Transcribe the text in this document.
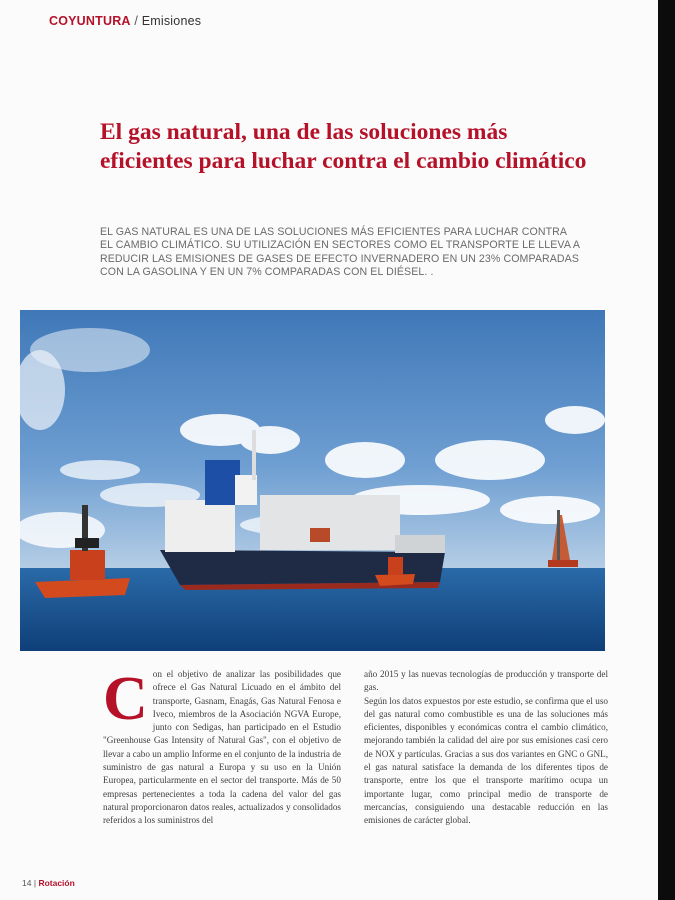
COYUNTURA / Emisiones
El gas natural, una de las soluciones más eficientes para luchar contra el cambio climático

EL GAS NATURAL ES UNA DE LAS SOLUCIONES MÁS EFICIENTES PARA LUCHAR CONTRA EL CAMBIO CLIMÁTICO. SU UTILIZACIÓN EN SECTORES COMO EL TRANSPORTE LE LLEVA A REDUCIR LAS EMISIONES DE GASES DE EFECTO INVERNADERO EN UN 23% COMPARADAS CON LA GASOLINA Y EN UN 7% COMPARADAS CON EL DIÉSEL. .

C on el objetivo de analizar las posibilidades que ofrece el Gas Natural Licuado en el ámbito del transporte, Gasnam, Enagás, Gas Natural Fenosa e Iveco, miembros de la Asociación NGVA Europe, junto con Sedigas, han participado en el Estudio "Greenhouse Gas Intensity of Natural Gas", con el objetivo de llevar a cabo un amplio Informe en el conjunto de la industria de suministro de gas natural a Europa y su uso en la Unión Europea, particularmente en el sector del transporte. Más de 50 empresas pertenecientes a toda la cadena del valor del gas natural proporcionaron datos reales, actualizados y consolidados referidos a los suministros del

año 2015 y las nuevas tecnologías de producción y transporte del gas.

Según los datos expuestos por este estudio, se confirma que el uso del gas natural como combustible es una de las soluciones más eficientes, disponibles y económicas contra el cambio climático, mejorando también la calidad del aire por sus emisiones casi cero de NOX y partículas. Gracias a sus dos variantes en GNC o GNL, el gas natural satisface la demanda de los diferentes tipos de transporte, entre los que el transporte marítimo ocupa un importante lugar, como principal medio de transporte de mercancías, consiguiendo una destacable reducción en las emisiones de carácter global.

14 | Rotación
